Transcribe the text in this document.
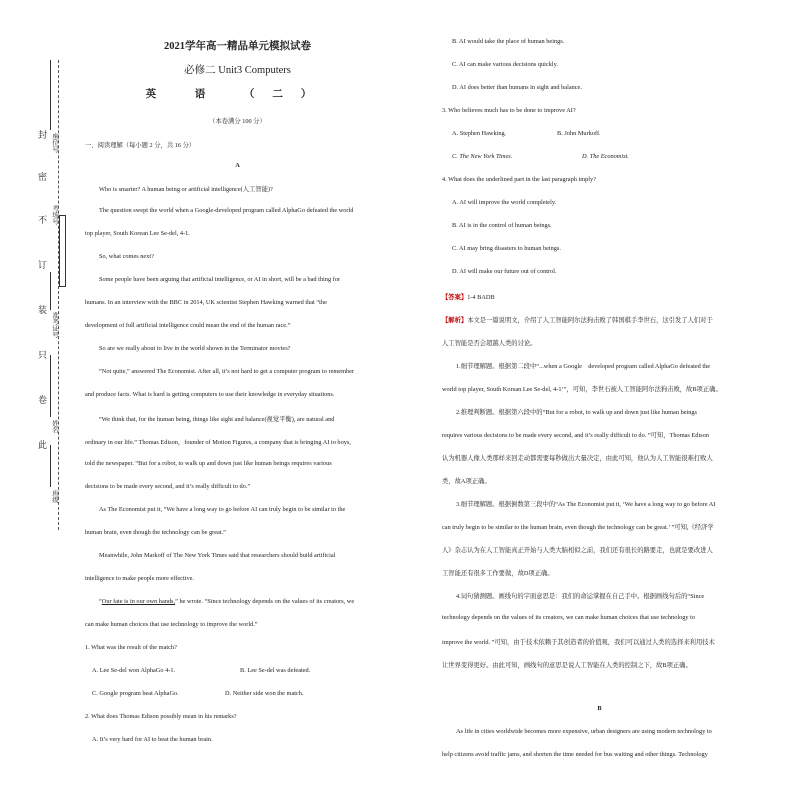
封
密
不
订
装
只
卷
此
座位号
考场号
准考证号
姓名
班级
2021学年高一精品单元模拟试卷
必修二 Unit3 Computers
英 语 （二）
（本卷满分 100 分）
一、阅读理解（每小题 2 分，共 16 分）
A
Who is smarter? A human being or artificial intelligence(人工智能)?
The question swept the world when a Google-developed program called AlphaGo defeated the world
top player, South Korean Lee Se-del, 4-1.
So, what comes next?
Some people have been arguing that artificial intelligence, or AI in short, will be a bad thing for
humans. In an interview with the BBC in 2014, UK scientist Stephen Hawking warned that “the
development of full artificial intelligence could mean the end of the human race.”
So are we really about to live in the world shown in the Terminator movies?
“Not quite,” answered The Economist. After all, it’s not hard to get a computer program to remember
and produce facts. What is hard is getting computers to use their knowledge in everyday situations.
“We think that, for the human being, things like sight and balance(视觉平衡), are natural and
ordinary in our life.” Thomas Edison，founder of Motion Figures, a company that is bringing AI to boys,
told the newspaper. “But for a robot, to walk up and down just like human beings requires various
decisions to be made every second, and it’s really difficult to do.”
As The Economist put it, “We have a long way to go before AI can truly begin to be similar to the
human brain, even though the technology can be great.”
Meanwhile, John Markoff of The New York Times said that researchers should build artificial
intelligence to make people more effective.
“Our fate is in our own hands,” he wrote. “Since technology depends on the values of its creators, we
can make human choices that use technology to improve the world.”
1. What was the result of the match?
A. Lee Se-del won AlphaGo 4-1.	B. Lee Se-del was defeated.
C. Google program beat AlphaGo.	D. Neither side won the match.
2. What does Thomas Edison possibly mean in his remarks?
A. It’s very hard for AI to beat the human brain.
B. AI would take the place of human beings.
C. AI can make various decisions quickly.
D. AI does better than humans in sight and balance.
3. Who believes much has to be done to improve AI?
A. Stephen Hawking.	B. John Murkoff.
C. The New York Times.	D. The Economist.
4. What does the underlined part in the last paragraph imply?
A. AI will improve the world completely.
B. AI is in the control of human beings.
C. AI may bring disasters to human beings.
D. AI will make our future out of control.
【答案】1-4 BADB
【解析】本文是一篇说明文，介绍了人工智能阿尔法狗击败了韩国棋手李世石，这引发了人们对于
人工智能是否会超越人类的讨论。
1.细节理解题。根据第二段中“...when a Google　developed program called AlphaGo defeated the
world top player, South Korean Lee Se-del, 4-1’”，可知，李世石被人工智能阿尔法狗击败，故B项正确。
2.推理判断题。根据第六段中的“But for a robot, to walk up and down just like human beings
requires various decisions to be made every second, and it’s really difficult to do. ”可知，Thomas Edison
认为机器人像人类那样来回走动都需要每秒做出大量决定，由此可知，他认为人工智能很难打败人
类，故A项正确。
3.细节理解题。根据倒数第三段中的“As The Economist put it, ‘We have a long way to go before AI
can truly begin to be similar to the human brain, even though the technology can be great.’ ”可知,《经济学
人》杂志认为在人工智能真正开始与人类大脑相似之前，我们还有很长的路要走，也就是要改进人
工智能还有很多工作要做，故D项正确。
4.词句猜测题。画线句的字面意思是：我们的命运掌握在自己手中。根据画线句后的“Since
technology depends on the values of its creators, we can make human choices that use technology to
improve the world. ”可知，由于技术依赖于其创造者的价值观，我们可以通过人类的选择来利用技术
让世界变得更好。由此可知，画线句的意思是说人工智能在人类的控制之下，故B项正确。
B
As life in cities worldwide becomes more expensive, urban designers are using modern technology to
help citizens avoid traffic jams, and shorten the time needed for bus waiting and other things. Technology
